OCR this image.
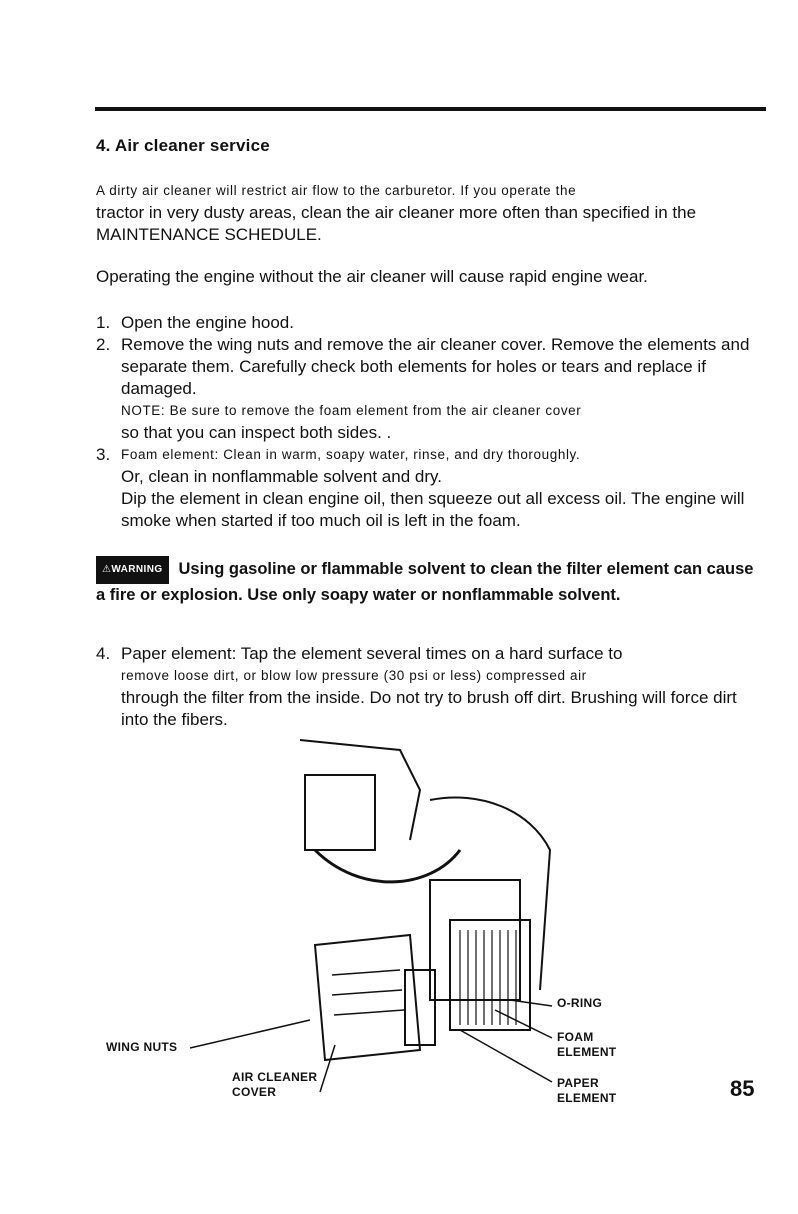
4. Air cleaner service
A dirty air cleaner will restrict air flow to the carburetor. If you operate the
tractor in very dusty areas, clean the air cleaner more often than specified in the MAINTENANCE SCHEDULE.
Operating the engine without the air cleaner will cause rapid engine wear.
1. Open the engine hood.
2. Remove the wing nuts and remove the air cleaner cover. Remove the elements and separate them. Carefully check both elements for holes or tears and replace if damaged.
NOTE: Be sure to remove the foam element from the air cleaner cover
so that you can inspect both sides. .
3. Foam element: Clean in warm, soapy water, rinse, and dry thoroughly.
Or, clean in nonflammable solvent and dry.
Dip the element in clean engine oil, then squeeze out all excess oil. The engine will smoke when started if too much oil is left in the foam.
⚠WARNING Using gasoline or flammable solvent to clean the filter element can cause a fire or explosion. Use only soapy water or nonflammable solvent.
4. Paper element: Tap the element several times on a hard surface to
remove loose dirt, or blow low pressure (30 psi or less) compressed air
through the filter from the inside. Do not try to brush off dirt. Brushing will force dirt into the fibers.
O-RING
FOAM
ELEMENT
WING NUTS
AIR CLEANER
COVER
PAPER
ELEMENT	85
